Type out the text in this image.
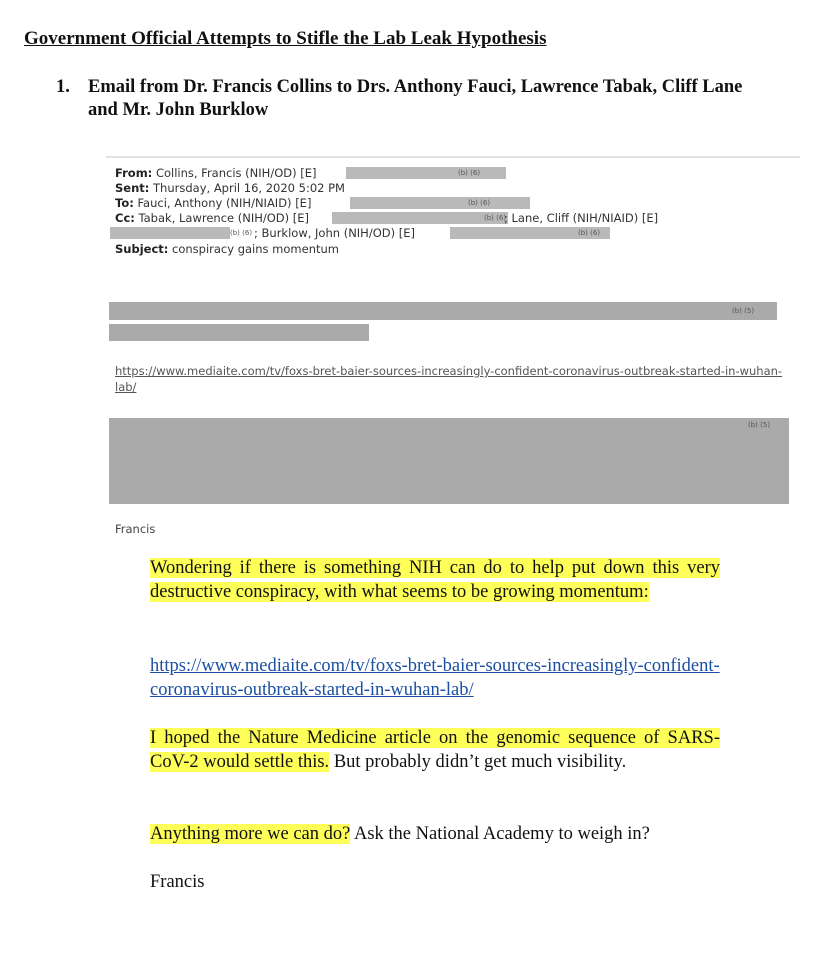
Government Official Attempts to Stifle the Lab Leak Hypothesis
1. Email from Dr. Francis Collins to Drs. Anthony Fauci, Lawrence Tabak, Cliff Lane
and Mr. John Burklow
From: Collins, Francis (NIH/OD) [E]	(b) (6)
Sent: Thursday, April 16, 2020 5:02 PM
To: Fauci, Anthony (NIH/NIAID) [E]	(b) (6)
Cc: Tabak, Lawrence (NIH/OD) [E]	(b) (6)
; Lane, Cliff (NIH/NIAID) [E]
(b) (6) ; Burklow, John (NIH/OD) [E]	(b) (6)
Subject: conspiracy gains momentum
(b) (5)
https://www.mediaite.com/tv/foxs-bret-baier-sources-increasingly-confident-coronavirus-outbreak-started-in-wuhan-lab/
(b) (5)
Francis
Wondering if there is something NIH can do to help put down this very destructive conspiracy, with what seems to be growing momentum:
https://www.mediaite.com/tv/foxs-bret-baier-sources-increasingly-confident-coronavirus-outbreak-started-in-wuhan-lab/
I hoped the Nature Medicine article on the genomic sequence of SARS-CoV-2 would settle this. But probably didn’t get much visibility.
Anything more we can do? Ask the National Academy to weigh in?
Francis
